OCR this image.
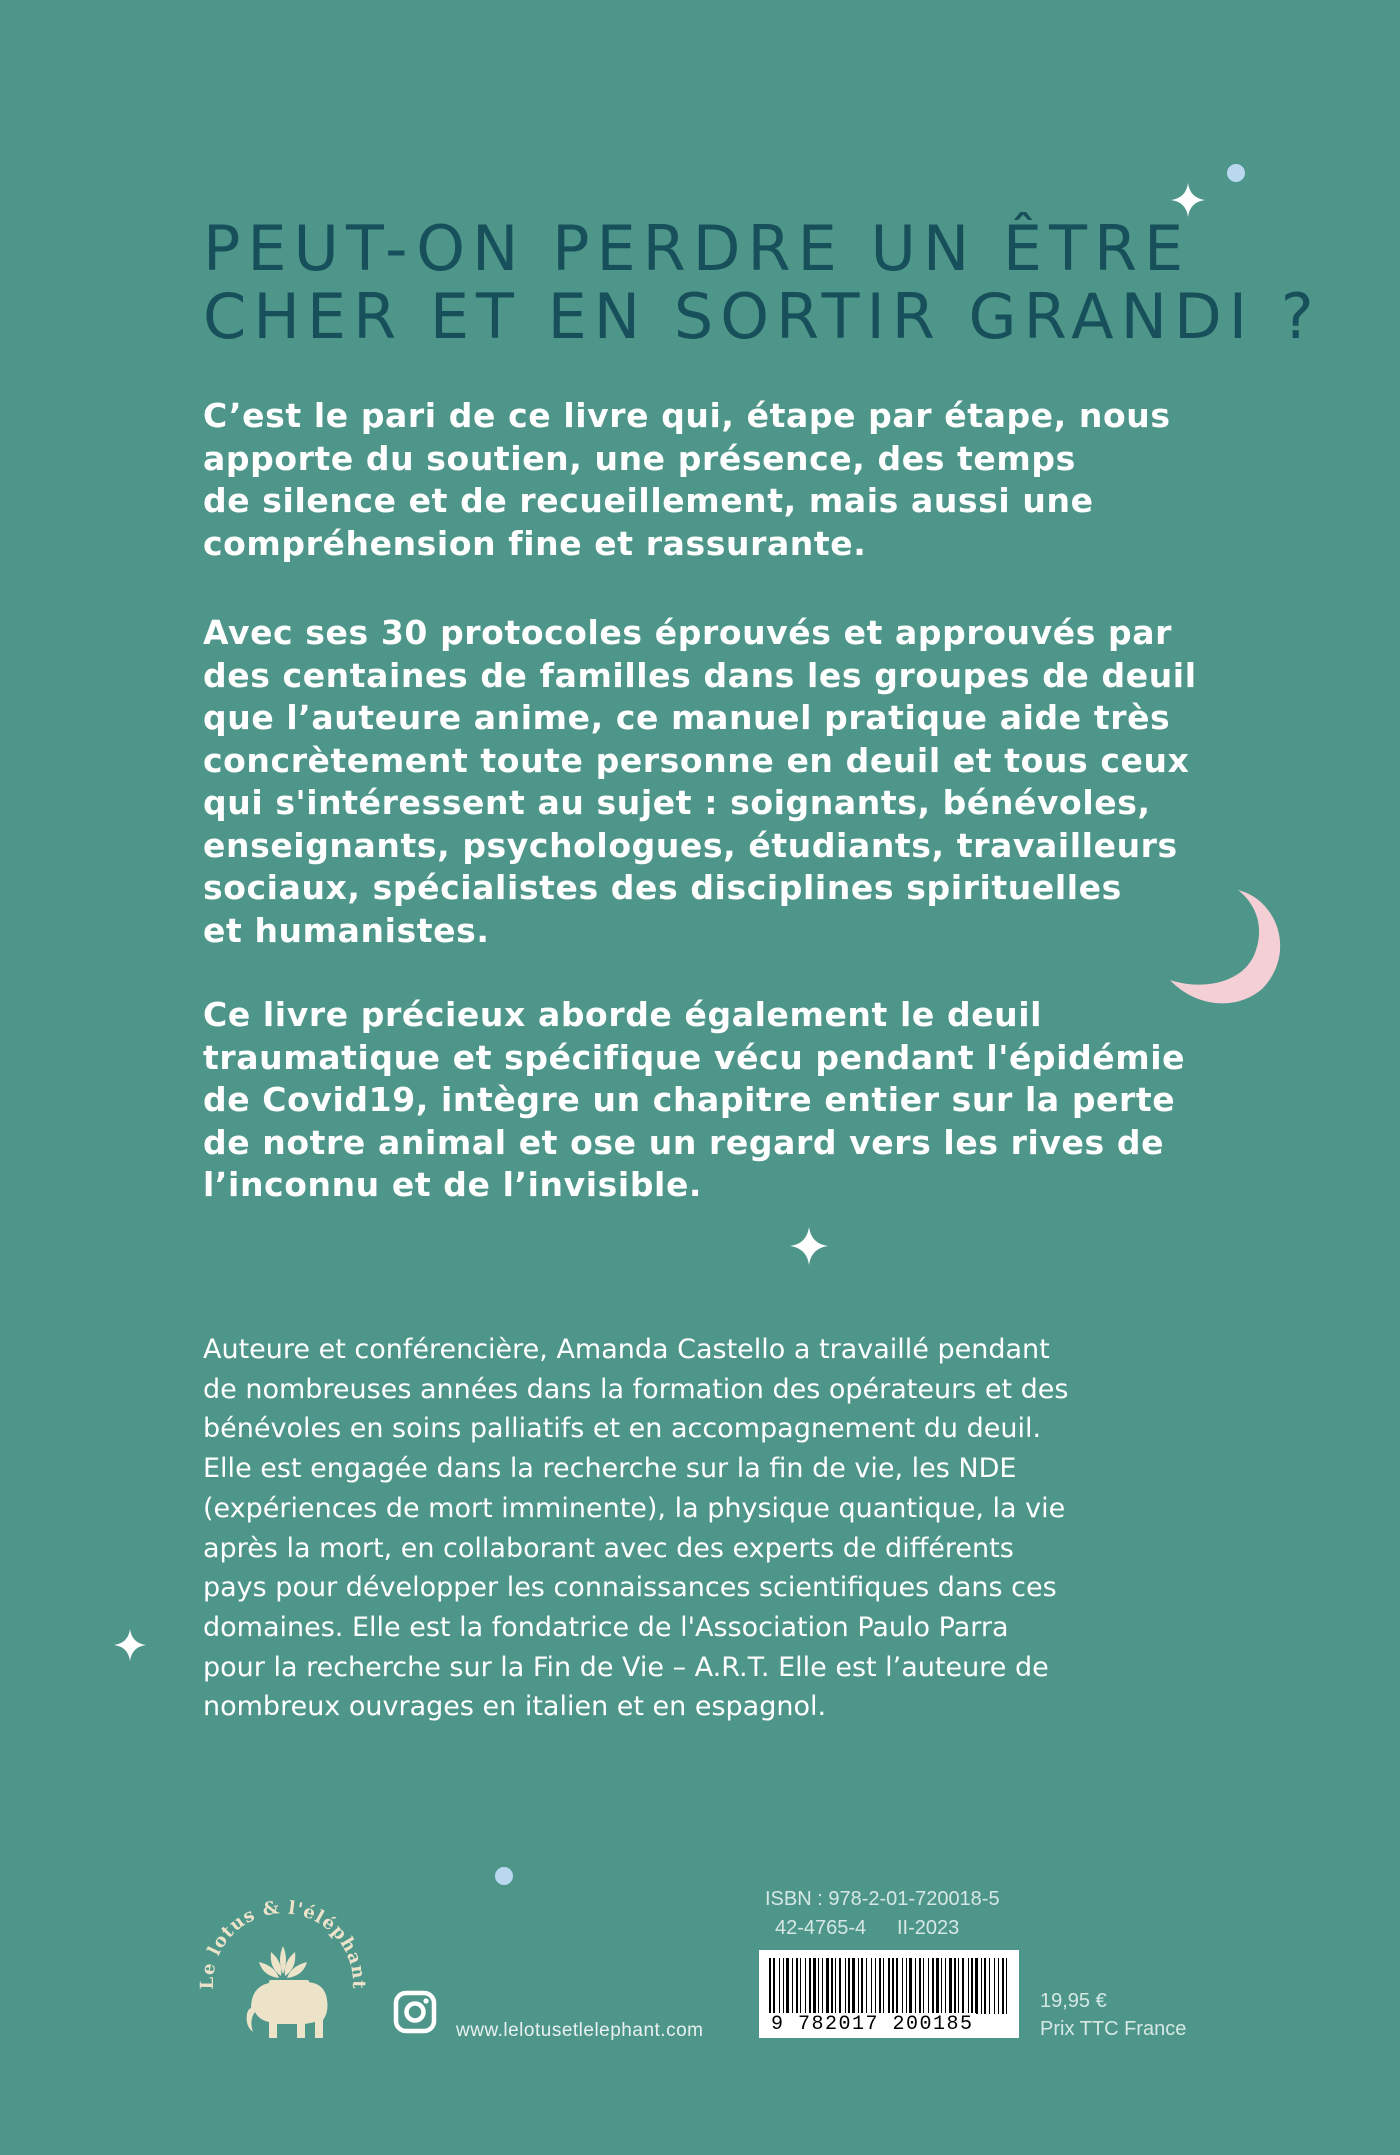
PEUT-ON PERDRE UN ÊTRE
CHER ET EN SORTIR GRANDI ?
C’est le pari de ce livre qui, étape par étape, nous
apporte du soutien, une présence, des temps
de silence et de recueillement, mais aussi une
compréhension fine et rassurante.
Avec ses 30 protocoles éprouvés et approuvés par
des centaines de familles dans les groupes de deuil
que l’auteure anime, ce manuel pratique aide très
concrètement toute personne en deuil et tous ceux
qui s'intéressent au sujet : soignants, bénévoles,
enseignants, psychologues, étudiants, travailleurs
sociaux, spécialistes des disciplines spirituelles
et humanistes.
Ce livre précieux aborde également le deuil
traumatique et spécifique vécu pendant l'épidémie
de Covid19, intègre un chapitre entier sur la perte
de notre animal et ose un regard vers les rives de
l’inconnu et de l’invisible.
Auteure et conférencière, Amanda Castello a travaillé pendant
de nombreuses années dans la formation des opérateurs et des
bénévoles en soins palliatifs et en accompagnement du deuil.
Elle est engagée dans la recherche sur la fin de vie, les NDE
(expériences de mort imminente), la physique quantique, la vie
après la mort, en collaborant avec des experts de différents
pays pour développer les connaissances scientifiques dans ces
domaines. Elle est la fondatrice de l'Association Paulo Parra
pour la recherche sur la Fin de Vie – A.R.T. Elle est l’auteure de
nombreux ouvrages en italien et en espagnol.
Le lotus & l'éléphant
www.lelotusetlelephant.com
ISBN : 978-2-01-720018-5
42-4765-4 II-2023
9 782017 200185
19,95 €
Prix TTC France
